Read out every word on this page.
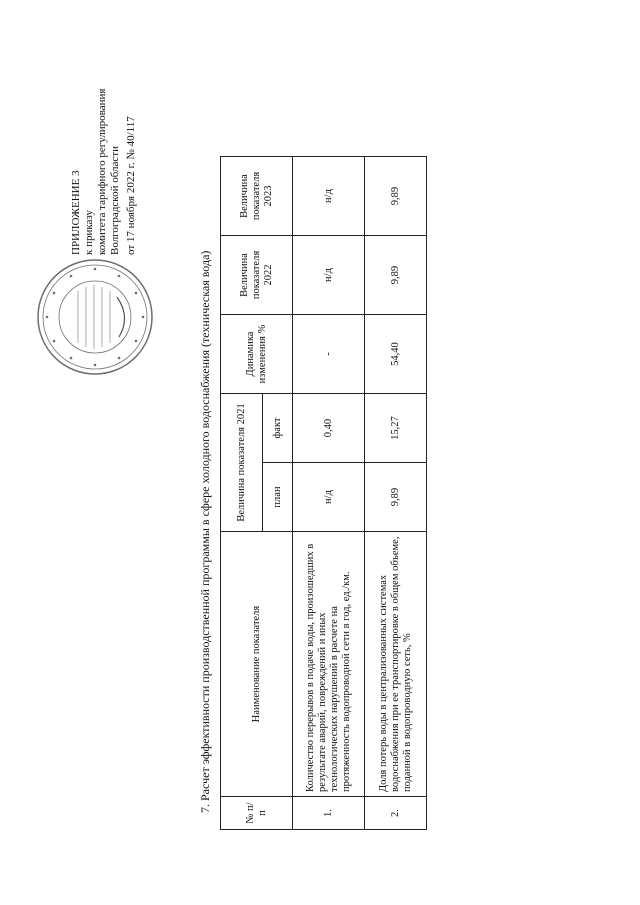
ПРИЛОЖЕНИЕ 3 к приказу комитета тарифного регулирования Волгоградской области от 17 ноября 2022 г. № 40/117
7. Расчет эффективности производственной программы в сфере холодного водоснабжения (техническая вода)	№ п/п	Наименование показателя	Величина показателя 2021		Динамика изменения %	Величина показателя 2022	Величина показателя 2023
		план	факт			
1.	Количество перерывов в подаче воды, произошедших в результате аварий, повреждений и иных технологических нарушений в расчете на протяженность водопроводной сети в год, ед./км.	н/д	0,40	-	н/д	н/д
2.	Доля потерь воды в централизованных системах водоснабжения при ее транспортировке в общем объеме, поданной в водопроводную сеть, %	9,89	15,27	54,40	9,89	9,89
